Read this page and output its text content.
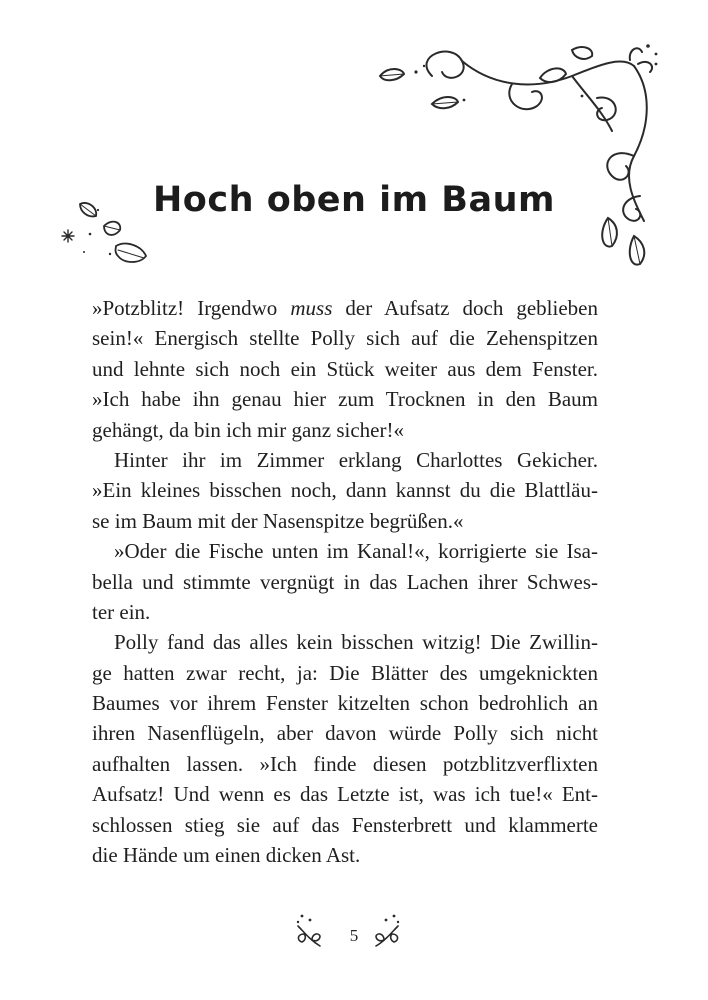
Hoch oben im Baum
»Potzblitz! Irgendwo muss der Aufsatz doch geblieben
sein!« Energisch stellte Polly sich auf die Zehenspitzen
und lehnte sich noch ein Stück weiter aus dem Fenster.
»Ich habe ihn genau hier zum Trocknen in den Baum
gehängt, da bin ich mir ganz sicher!«
Hinter ihr im Zimmer erklang Charlottes Gekicher.
»Ein kleines bisschen noch, dann kannst du die Blattläu-
se im Baum mit der Nasenspitze begrüßen.«
»Oder die Fische unten im Kanal!«, korrigierte sie Isa-
bella und stimmte vergnügt in das Lachen ihrer Schwes-
ter ein.
Polly fand das alles kein bisschen witzig! Die Zwillin-
ge hatten zwar recht, ja: Die Blätter des umgeknickten
Baumes vor ihrem Fenster kitzelten schon bedrohlich an
ihren Nasenflügeln, aber davon würde Polly sich nicht
aufhalten lassen. »Ich finde diesen potzblitzverflixten
Aufsatz! Und wenn es das Letzte ist, was ich tue!« Ent-
schlossen stieg sie auf das Fensterbrett und klammerte
die Hände um einen dicken Ast.
5
